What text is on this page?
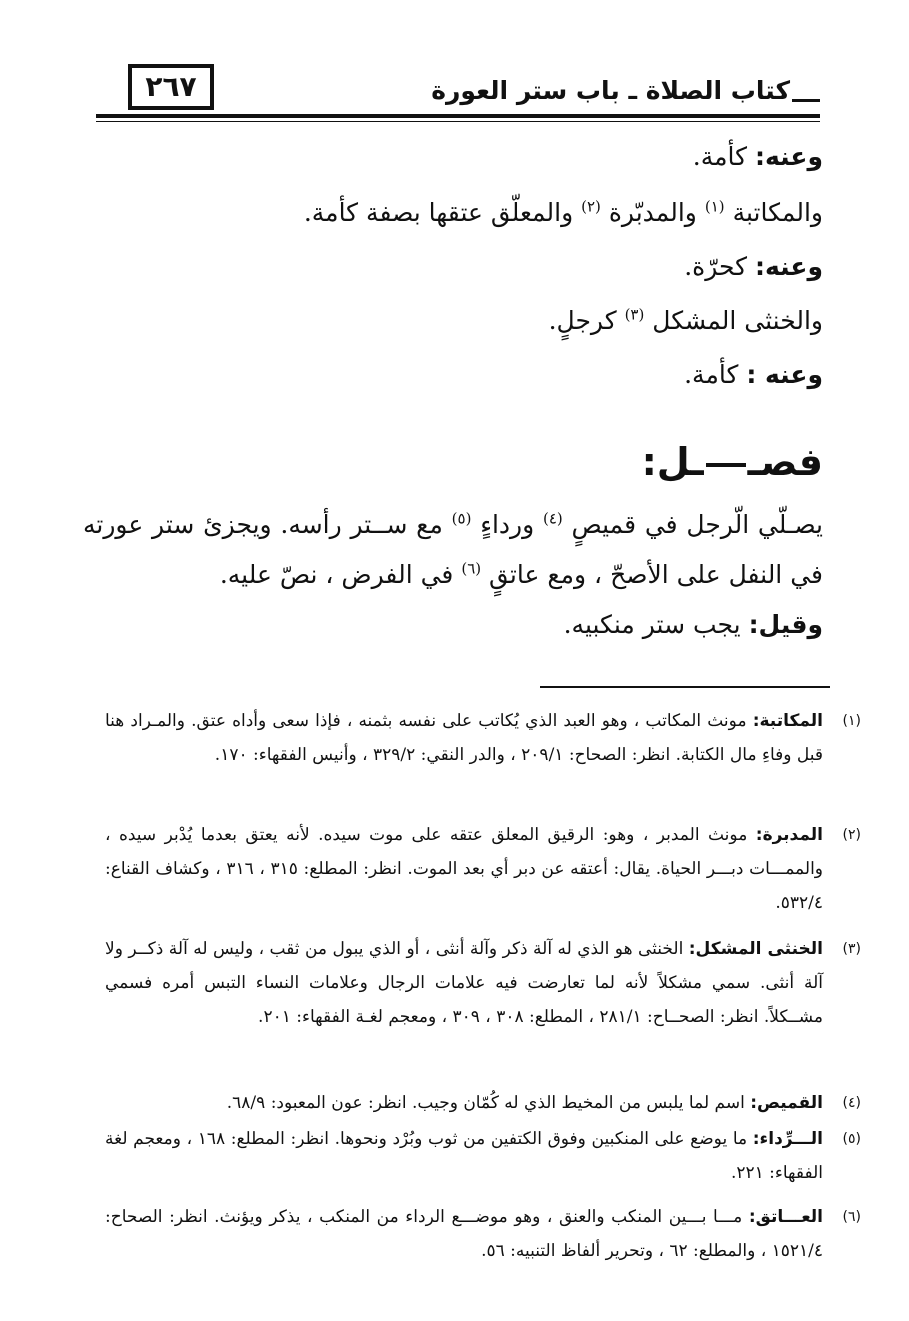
كتاب الصلاة ـ باب ستر العورة
٢٦٧
وعنه: كأمة.
والمكاتبة $^{(١)}$ والمدبّرة $^{(٢)}$ والمعلّق عتقها بصفة كأمة.
وعنه: كحرّة.
والخنثى المشكل $^{(٣)}$ كرجلٍ.
وعنه : كأمة.
فصــل:
يصـلّي الّرجل في قميصٍ $^{(٤)}$ ورداءٍ $^{(٥)}$ مع ســتر رأسه. ويجزئ ستر عورته في النفل على الأصحّ ، ومع عاتقٍ $^{(٦)}$ في الفرض ، نصّ عليه.
وقيل: يجب ستر منكبيه.
(١)
المكاتبة: مونث المكاتب ، وهو العبد الذي يُكاتب على نفسه بثمنه ، فإذا سعى وأداه عتق. والمـراد هنا قبل وفاءِ مال الكتابة. انظر: الصحاح: ٢٠٩/١ ، والدر النقي: ٣٢٩/٢ ، وأنيس الفقهاء: ١٧٠.
(٢)
المدبرة: مونث المدبر ، وهو: الرقيق المعلق عتقه على موت سيده. لأنه يعتق بعدما يُدْبر سيده ، والممـــات دبـــر الحياة. يقال: أعتقه عن دبر أي بعد الموت. انظر: المطلع: ٣١٥ ، ٣١٦ ، وكشاف القناع: ٥٣٢/٤.
(٣)
الخنثى المشكل: الخنثى هو الذي له آلة ذكر وآلة أنثى ، أو الذي يبول من ثقب ، وليس له آلة ذكــر ولا آلة أنثى. سمي مشكلاً لأنه لما تعارضت فيه علامات الرجال وعلامات النساء التبس أمره فسمي مشــكلاً. انظر: الصحــاح: ٢٨١/١ ، المطلع: ٣٠٨ ، ٣٠٩ ، ومعجم لغـة الفقهاء: ٢٠١.
(٤)
القميص: اسم لما يلبس من المخيط الذي له كُمّان وجيب. انظر: عون المعبود: ٦٨/٩.
(٥)
الـــرِّداء: ما يوضع على المنكبين وفوق الكتفين من ثوب وبُرْد ونحوها. انظر: المطلع: ١٦٨ ، ومعجم لغة الفقهاء: ٢٢١.
(٦)
العـــاتق: مـــا بـــين المنكب والعنق ، وهو موضـــع الرداء من المنكب ، يذكر ويؤنث. انظر: الصحاح: ١٥٢١/٤ ، والمطلع: ٦٢ ، وتحرير ألفاظ التنبيه: ٥٦.
